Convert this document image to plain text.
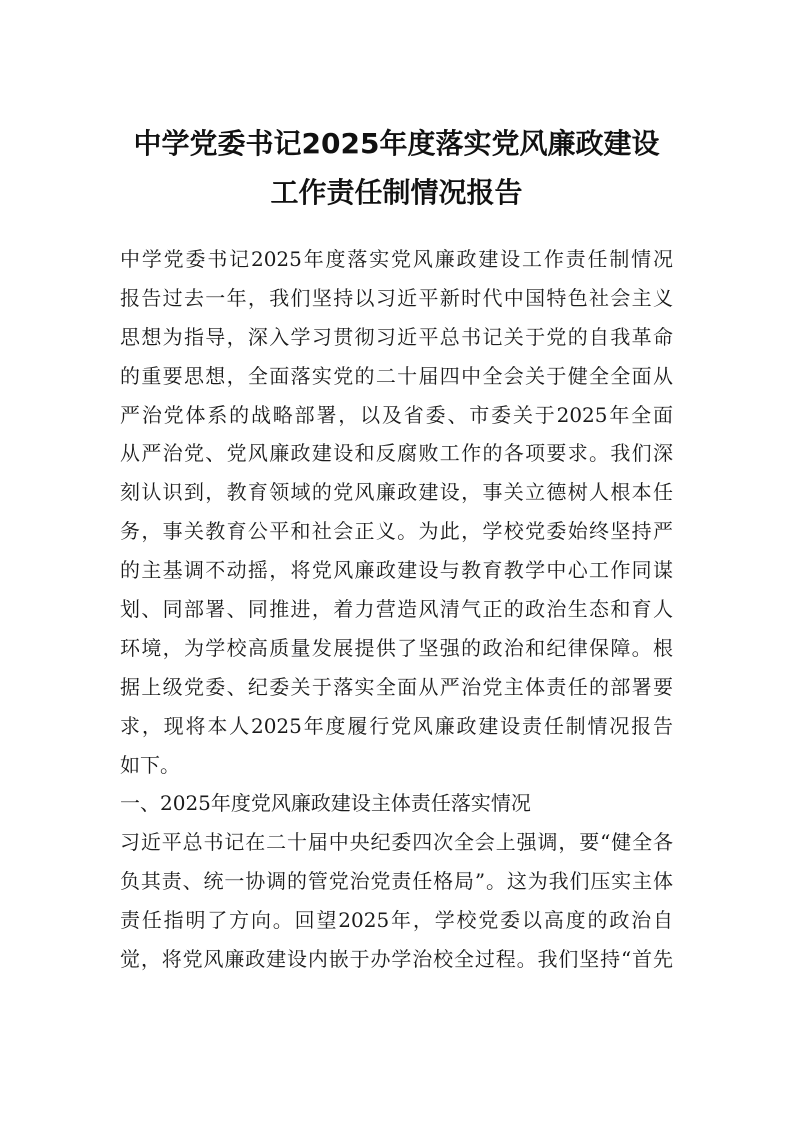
中学党委书记2025年度落实党风廉政建设
工作责任制情况报告
中学党委书记2025年度落实党风廉政建设工作责任制情况
报告过去一年，我们坚持以习近平新时代中国特色社会主义
思想为指导，深入学习贯彻习近平总书记关于党的自我革命
的重要思想，全面落实党的二十届四中全会关于健全全面从
严治党体系的战略部署，以及省委、市委关于2025年全面
从严治党、党风廉政建设和反腐败工作的各项要求。我们深
刻认识到，教育领域的党风廉政建设，事关立德树人根本任
务，事关教育公平和社会正义。为此，学校党委始终坚持严
的主基调不动摇，将党风廉政建设与教育教学中心工作同谋
划、同部署、同推进，着力营造风清气正的政治生态和育人
环境，为学校高质量发展提供了坚强的政治和纪律保障。根
据上级党委、纪委关于落实全面从严治党主体责任的部署要
求，现将本人2025年度履行党风廉政建设责任制情况报告
如下。
一、2025年度党风廉政建设主体责任落实情况
习近平总书记在二十届中央纪委四次全会上强调，要“健全各
负其责、统一协调的管党治党责任格局”。这为我们压实主体
责任指明了方向。回望2025年，学校党委以高度的政治自
觉，将党风廉政建设内嵌于办学治校全过程。我们坚持“首先
